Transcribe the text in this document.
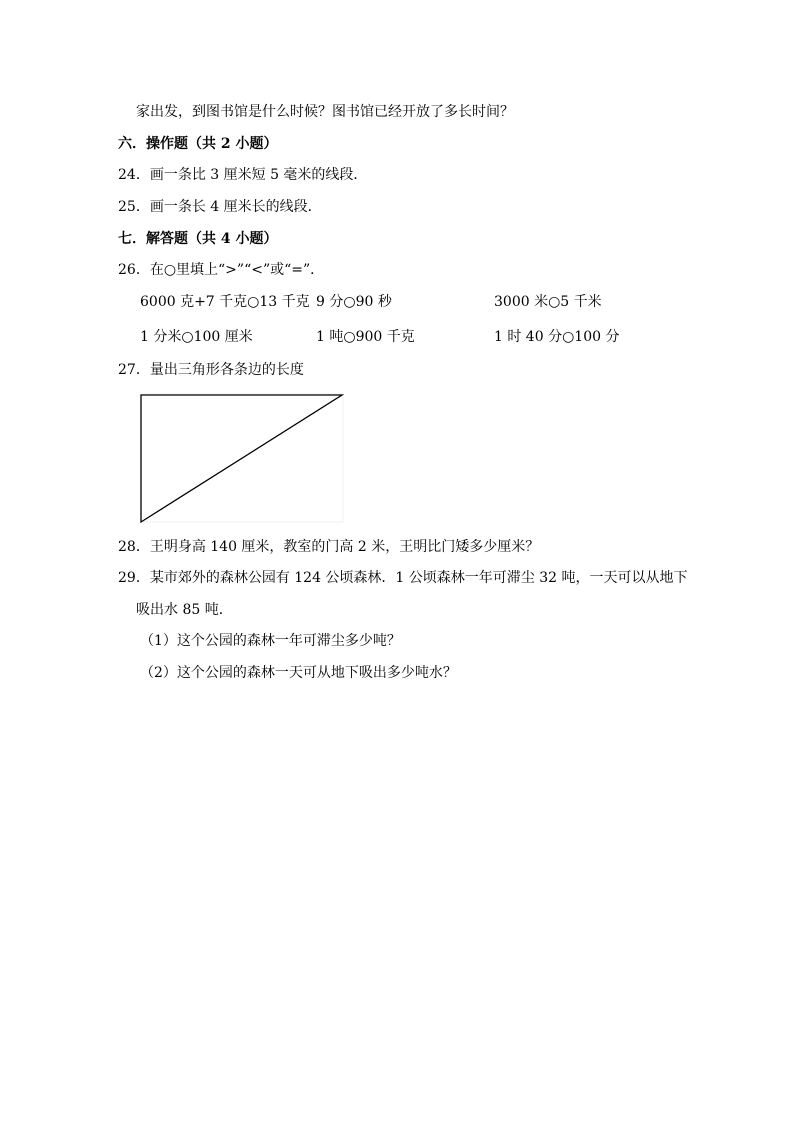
家出发，到图书馆是什么时候？图书馆已经开放了多长时间？
六．操作题（共 2 小题）
24．画一条比 3 厘米短 5 毫米的线段．
25．画一条长 4 厘米长的线段．
七．解答题（共 4 小题）
26．在○里填上“>”“<”或“=”．
6000 克+7 千克○13 千克 9 分○90 秒	3000 米○5 千米
1 分米○100 厘米	1 吨○900 千克	1 时 40 分○100 分
27．量出三角形各条边的长度
28．王明身高 140 厘米，教室的门高 2 米，王明比门矮多少厘米？
29．某市郊外的森林公园有 124 公顷森林．1 公顷森林一年可滞尘 32 吨，一天可以从地下
吸出水 85 吨．
（1）这个公园的森林一年可滞尘多少吨？
（2）这个公园的森林一天可从地下吸出多少吨水？
